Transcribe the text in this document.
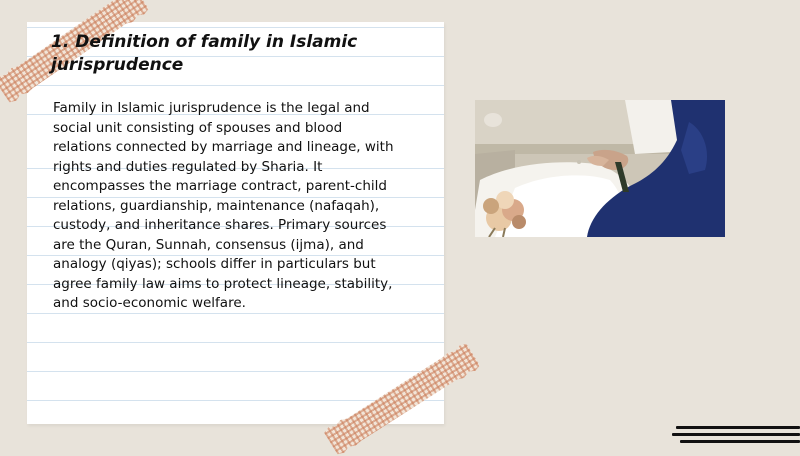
1. Definition of family in Islamic jurisprudence

Family in Islamic jurisprudence is the legal and social unit consisting of spouses and blood relations connected by marriage and lineage, with rights and duties regulated by Sharia. It encompasses the marriage contract, parent-child relations, guardianship, maintenance (nafaqah), custody, and inheritance shares. Primary sources are the Quran, Sunnah, consensus (ijma), and analogy (qiyas); schools differ in particulars but agree family law aims to protect lineage, stability, and socio-economic welfare.
